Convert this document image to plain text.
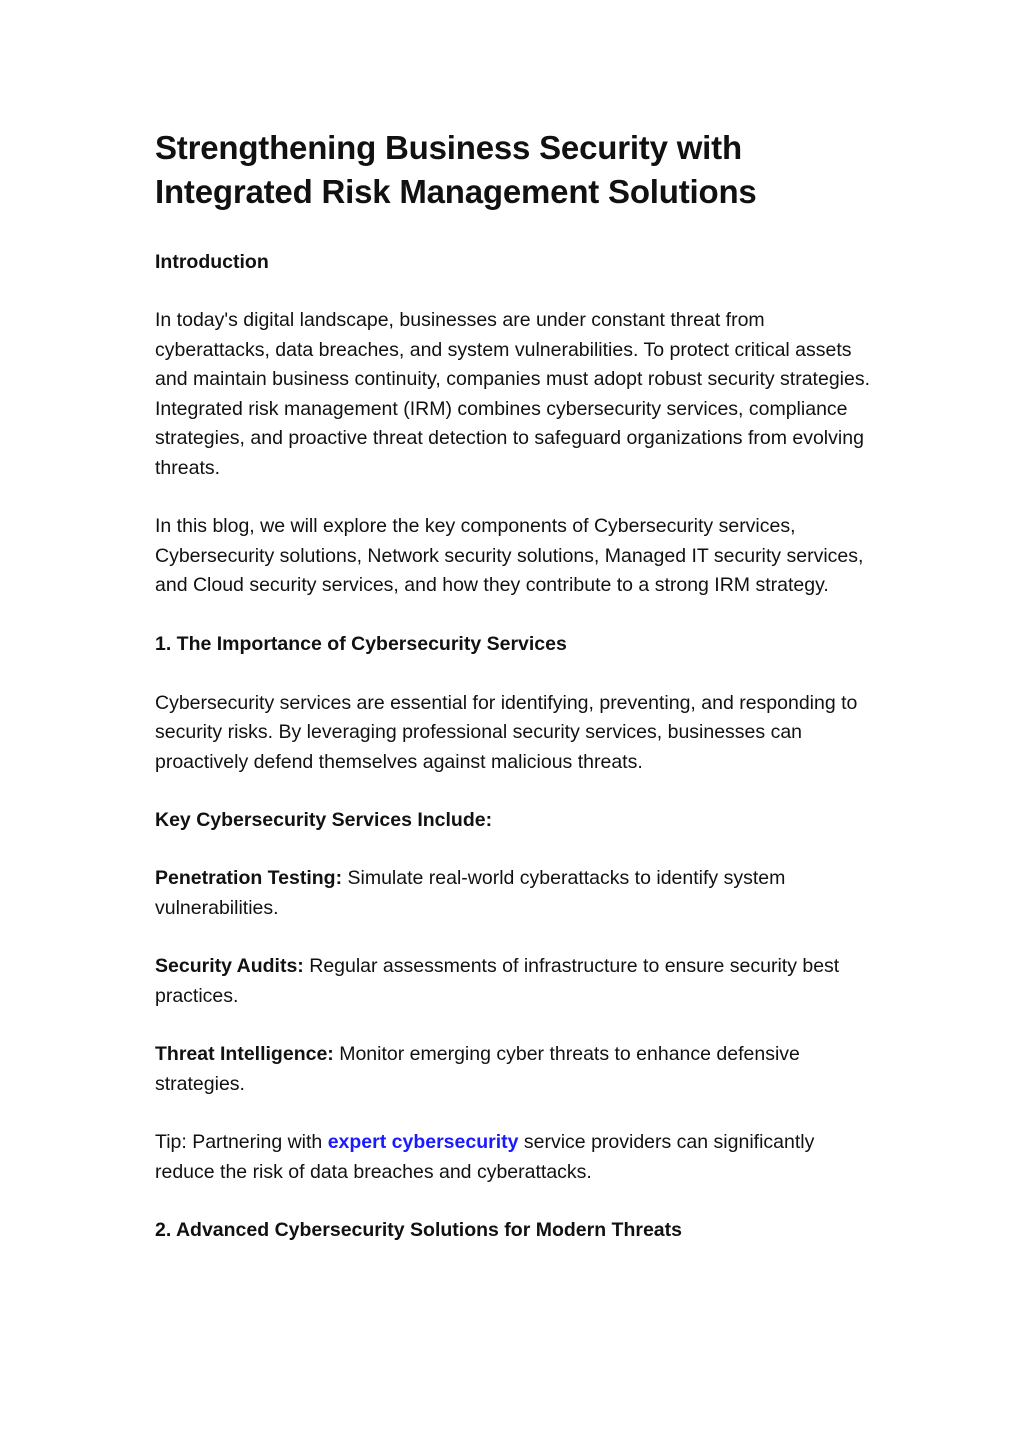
Strengthening Business Security with Integrated Risk Management Solutions

Introduction

In today's digital landscape, businesses are under constant threat from cyberattacks, data breaches, and system vulnerabilities. To protect critical assets and maintain business continuity, companies must adopt robust security strategies. Integrated risk management (IRM) combines cybersecurity services, compliance strategies, and proactive threat detection to safeguard organizations from evolving threats.

In this blog, we will explore the key components of Cybersecurity services, Cybersecurity solutions, Network security solutions, Managed IT security services, and Cloud security services, and how they contribute to a strong IRM strategy.

1. The Importance of Cybersecurity Services

Cybersecurity services are essential for identifying, preventing, and responding to security risks. By leveraging professional security services, businesses can proactively defend themselves against malicious threats.

Key Cybersecurity Services Include:

Penetration Testing: Simulate real-world cyberattacks to identify system vulnerabilities.

Security Audits: Regular assessments of infrastructure to ensure security best practices.

Threat Intelligence: Monitor emerging cyber threats to enhance defensive strategies.

Tip: Partnering with expert cybersecurity service providers can significantly reduce the risk of data breaches and cyberattacks.

2. Advanced Cybersecurity Solutions for Modern Threats
